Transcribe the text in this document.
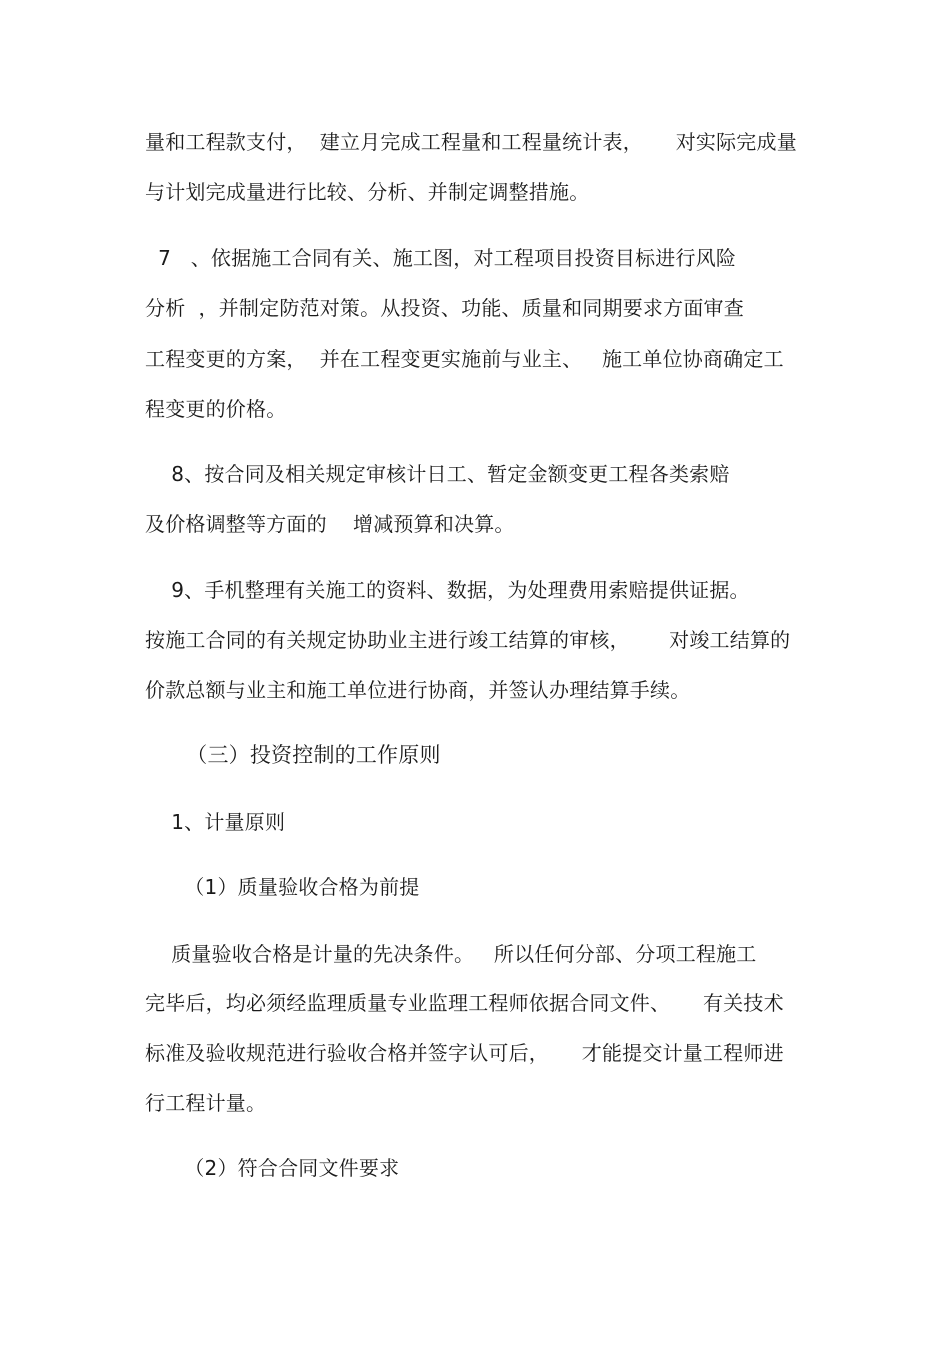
量和工程款支付，  建立月完成工程量和工程量统计表，     对实际完成量
与计划完成量进行比较、分析、并制定调整措施。
7   、依据施工合同有关、施工图，对工程项目投资目标进行风险
分析  ，并制定防范对策。从投资、功能、质量和同期要求方面审查
工程变更的方案，  并在工程变更实施前与业主、   施工单位协商确定工
程变更的价格。
8、按合同及相关规定审核计日工、暂定金额变更工程各类索赔
及价格调整等方面的    增减预算和决算。
9、手机整理有关施工的资料、数据，为处理费用索赔提供证据。
按施工合同的有关规定协助业主进行竣工结算的审核，      对竣工结算的
价款总额与业主和施工单位进行协商，并签认办理结算手续。
（三）投资控制的工作原则
1、计量原则
（1）质量验收合格为前提
质量验收合格是计量的先决条件。   所以任何分部、分项工程施工
完毕后，均必须经监理质量专业监理工程师依据合同文件、     有关技术
标准及验收规范进行验收合格并签字认可后，     才能提交计量工程师进
行工程计量。
（2）符合合同文件要求
